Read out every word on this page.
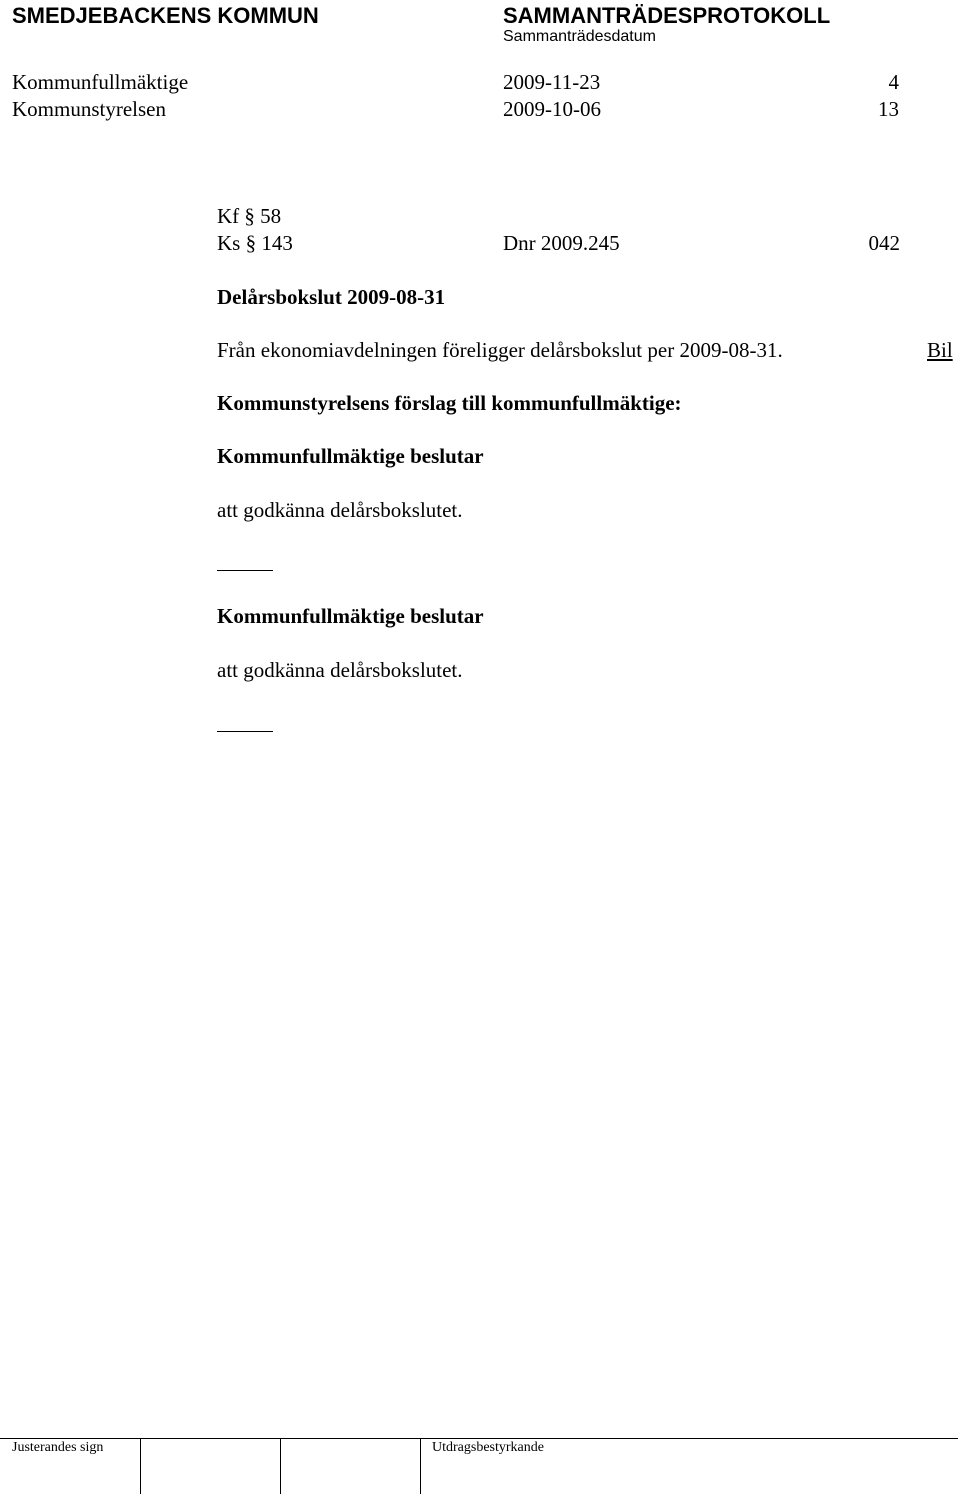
SMEDJEBACKENS KOMMUN	SAMMANTRÄDESPROTOKOLL
Sammanträdesdatum
Kommunfullmäktige	2009-11-23	4
Kommunstyrelsen	2009-10-06	13
Kf § 58
Ks § 143	Dnr 2009.245	042
Delårsbokslut 2009-08-31
Från ekonomiavdelningen föreligger delårsbokslut per 2009-08-31.	Bil
Kommunstyrelsens förslag till kommunfullmäktige:
Kommunfullmäktige beslutar
att godkänna delårsbokslutet.
Kommunfullmäktige beslutar
att godkänna delårsbokslutet.
Justerandes sign	Utdragsbestyrkande
